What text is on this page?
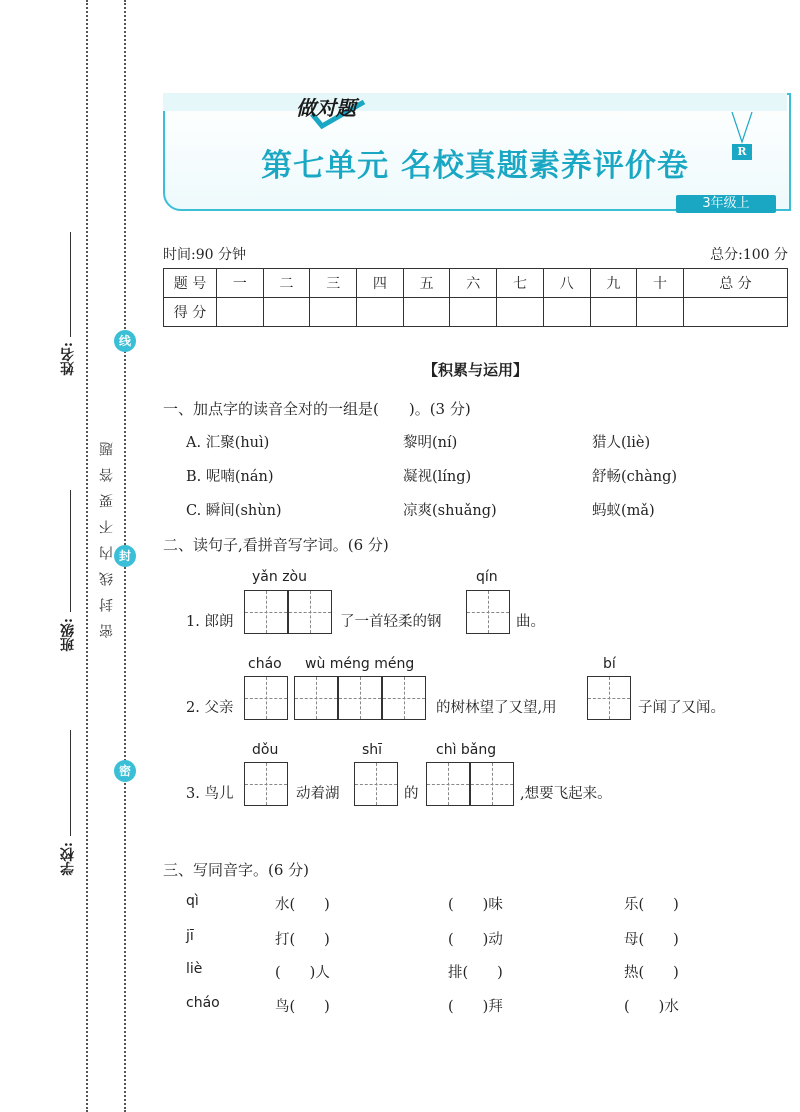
姓名:
班级:
学校:
线
封
密
密封线内不要答题
做对题
第七单元 名校真题素养评价卷	R
3年级上
时间:90 分钟	总分:100 分
题 号	一	二	三	四	五	六	七	八	九	十	总 分
得 分											
【积累与运用】
一、加点字的读音全对的一组是(　　)。(3 分)
A. 汇聚(huì)	黎明(ní)	猎人(liè)
B. 呢喃(nán)	凝视(líng)	舒畅(chàng)
C. 瞬间(shùn)	凉爽(shuǎng)	蚂蚁(mǎ)
二、读句子,看拼音写字词。(6 分)
yǎn zòu	qín
1. 郎朗	了一首轻柔的钢	曲。
cháo wù méng méng	bí
2. 父亲	的树林望了又望,用	子闻了又闻。
dǒu	shī	chì bǎng
3. 鸟儿	动着湖	的	,想要飞起来。
三、写同音字。(6 分)
qì	水(　　)	(　　)味	乐(　　)
jī	打(　　)	(　　)动	母(　　)
liè	(　　)人	排(　　)	热(　　)
cháo	鸟(　　)	(　　)拜	(　　)水
